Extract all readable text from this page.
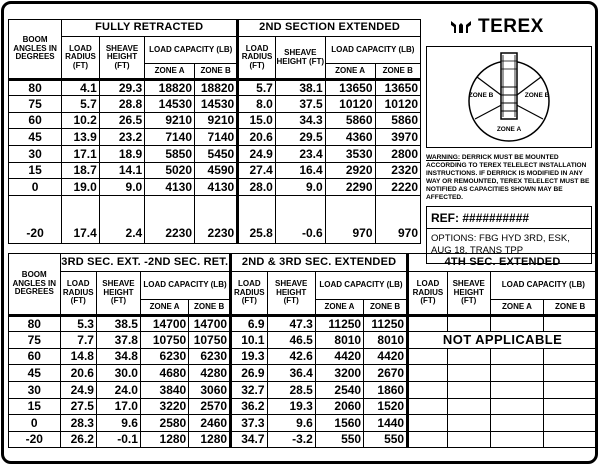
BOOM ANGLES IN DEGREES	FULLY RETRACTED				2ND SECTION EXTENDED			
	LOAD RADIUS (FT)	SHEAVE HEIGHT (FT)	LOAD CAPACITY (LB)		LOAD RADIUS (FT)	SHEAVE HEIGHT (FT)	LOAD CAPACITY (LB)	
			ZONE A	ZONE B			ZONE A	ZONE B
80	4.1	29.3	18820	18820	5.7	38.1	13650	13650
75	5.7	28.8	14530	14530	8.0	37.5	10120	10120
60	10.2	26.5	9210	9210	15.0	34.3	5860	5860
45	13.9	23.2	7140	7140	20.6	29.5	4360	3970
30	17.1	18.9	5850	5450	24.9	23.4	3530	2800
15	18.7	14.1	5020	4590	27.4	16.4	2920	2320
0	19.0	9.0	4130	4130	28.0	9.0	2290	2220
-20	17.4	2.4	2230	2230	25.8	-0.6	970	970
BOOM ANGLES IN DEGREES	3RD SEC. EXT. -2ND SEC. RET.				2ND & 3RD SEC. EXTENDED				4TH SEC. EXTENDED			
	LOAD RADIUS (FT)	SHEAVE HEIGHT (FT)	LOAD CAPACITY (LB)		LOAD RADIUS (FT)	SHEAVE HEIGHT (FT)	LOAD CAPACITY (LB)		LOAD RADIUS (FT)	SHEAVE HEIGHT (FT)	LOAD CAPACITY (LB)	
			ZONE A	ZONE B			ZONE A	ZONE B			ZONE A	ZONE B
80	5.3	38.5	14700	14700	6.9	47.3	11250	11250				
75	7.7	37.8	10750	10750	10.1	46.5	8010	8010	NOT APPLICABLE			
60	14.8	34.8	6230	6230	19.3	42.6	4420	4420				
45	20.6	30.0	4680	4280	26.9	36.4	3200	2670				
30	24.9	24.0	3840	3060	32.7	28.5	2540	1860				
15	27.5	17.0	3220	2570	36.2	19.3	2060	1520				
0	28.3	9.6	2580	2460	37.3	9.6	1560	1440				
-20	26.2	-0.1	1280	1280	34.7	-3.2	550	550				
TEREX
ZONE B	ZONE B
ZONE A
WARNING: DERRICK MUST BE MOUNTED ACCORDING TO TEREX TELELECT INSTALLATION INSTRUCTIONS. IF DERRICK IS MODIFIED IN ANY WAY OR REMOUNTED, TEREX TELELECT MUST BE NOTIFIED AS CAPACITIES SHOWN MAY BE AFFECTED.
REF: ##########
OPTIONS: FBG HYD 3RD, ESK, AUG 18, TRANS TPP
